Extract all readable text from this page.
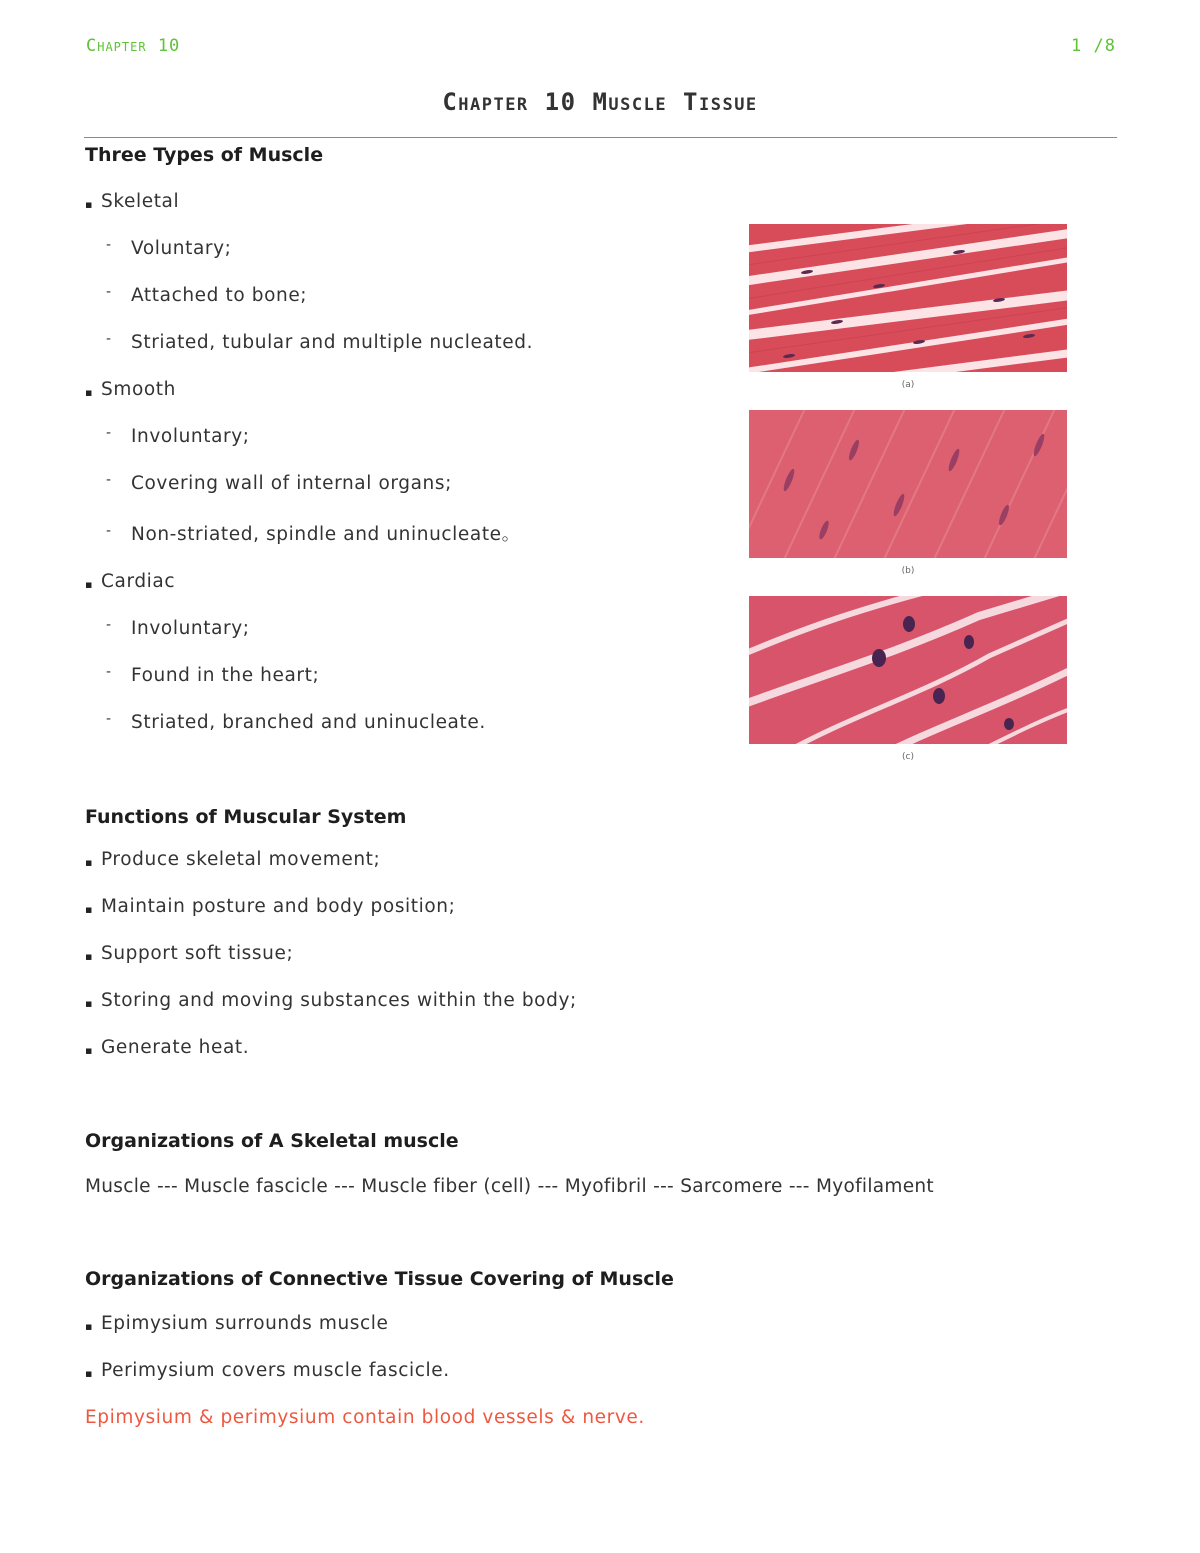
Chapter 10	1 /8
Chapter 10 Muscle Tissue
Three Types of Muscle
▪ Skeletal
‐ Voluntary;
‐ Attached to bone;
‐ Striated, tubular and multiple nucleated.
▪ Smooth
‐ Involuntary;
‐ Covering wall of internal organs;
‐ Non-striated, spindle and uninucleate。
▪ Cardiac
‐ Involuntary;
‐ Found in the heart;
‐ Striated, branched and uninucleate.
(a)
(b)
(c)
Functions of Muscular System
▪ Produce skeletal movement;
▪ Maintain posture and body position;
▪ Support soft tissue;
▪ Storing and moving substances within the body;
▪ Generate heat.
Organizations of A Skeletal muscle

Muscle --- Muscle fascicle --- Muscle fiber (cell) --- Myofibril --- Sarcomere --- Myofilament

Organizations of Connective Tissue Covering of Muscle
▪ Epimysium surrounds muscle
▪ Perimysium covers muscle fascicle.

Epimysium & perimysium contain blood vessels & nerve.
